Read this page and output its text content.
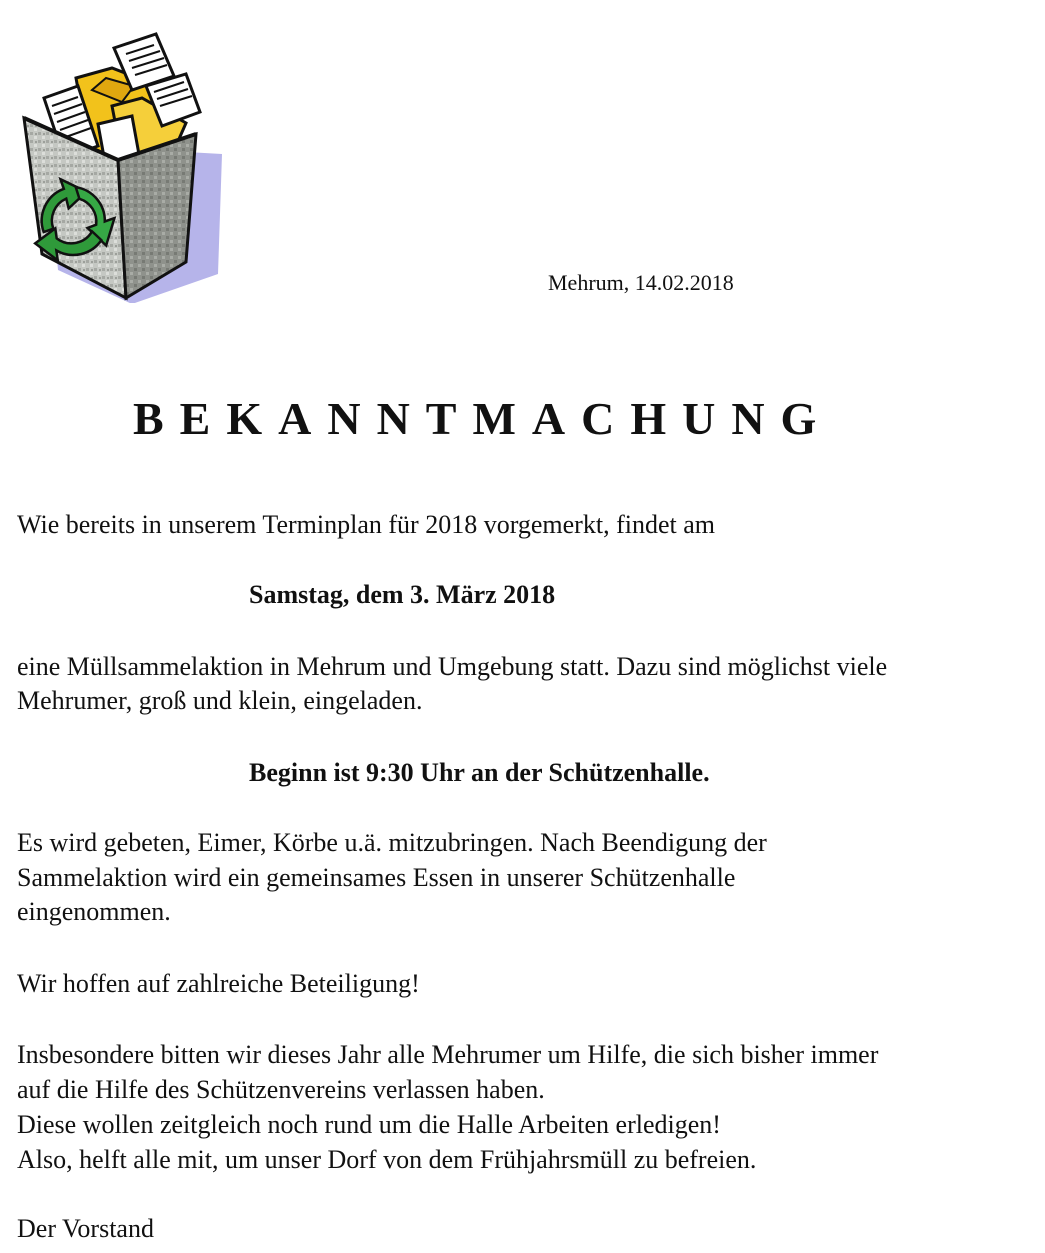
Mehrum, 14.02.2018
BEKANNTMACHUNG
Wie bereits in unserem Terminplan für 2018 vorgemerkt, findet am
Samstag, dem 3. März 2018
eine Müllsammelaktion in Mehrum und Umgebung statt. Dazu sind möglichst viele
Mehrumer, groß und klein, eingeladen.
Beginn ist 9:30 Uhr an der Schützenhalle.
Es wird gebeten, Eimer, Körbe u.ä. mitzubringen. Nach Beendigung der
Sammelaktion wird ein gemeinsames Essen in unserer Schützenhalle
eingenommen.
Wir hoffen auf zahlreiche Beteiligung!
Insbesondere bitten wir dieses Jahr alle Mehrumer um Hilfe, die sich bisher immer
auf die Hilfe des Schützenvereins verlassen haben.
Diese wollen zeitgleich noch rund um die Halle Arbeiten erledigen!
Also, helft alle mit, um unser Dorf von dem Frühjahrsmüll zu befreien.
Der Vorstand
